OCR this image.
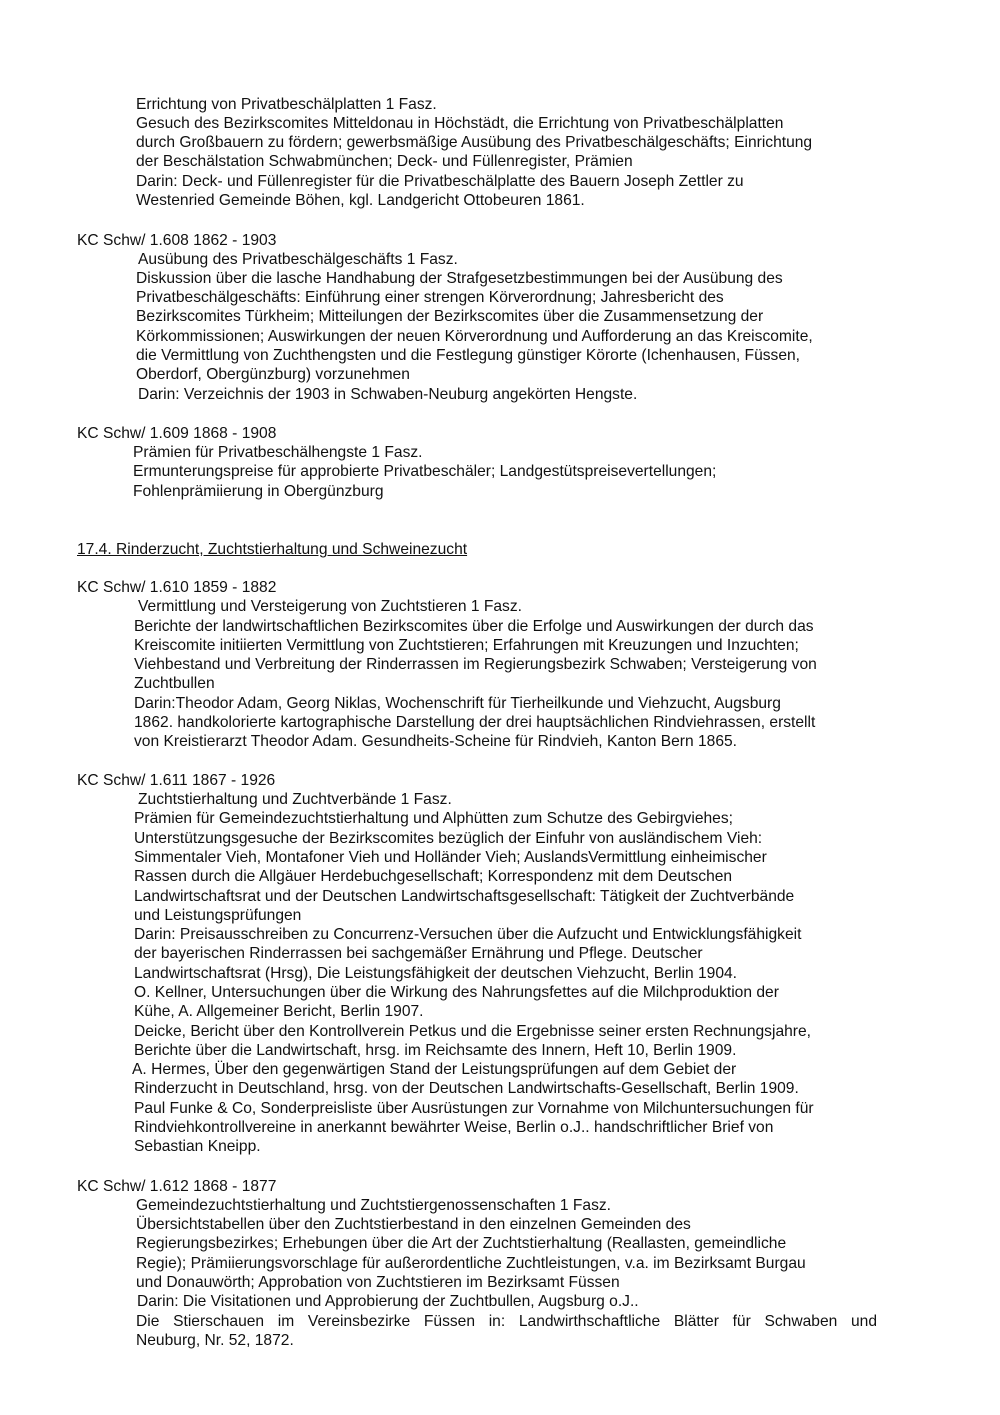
Errichtung von Privatbeschälplatten 1 Fasz.
Gesuch des Bezirkscomites Mitteldonau in Höchstädt, die Errichtung von Privatbeschälplatten
durch Großbauern zu fördern; gewerbsmäßige Ausübung des Privatbeschälgeschäfts; Einrichtung
der Beschälstation Schwabmünchen; Deck- und Füllenregister, Prämien
Darin: Deck- und Füllenregister für die Privatbeschälplatte des Bauern Joseph Zettler zu
Westenried Gemeinde Böhen, kgl. Landgericht Ottobeuren 1861.
KC Schw/ 1.608 1862 - 1903
Ausübung des Privatbeschälgeschäfts 1 Fasz.
Diskussion über die lasche Handhabung der Strafgesetzbestimmungen bei der Ausübung des
Privatbeschälgeschäfts: Einführung einer strengen Körverordnung; Jahresbericht des
Bezirkscomites Türkheim; Mitteilungen der Bezirkscomites über die Zusammensetzung der
Körkommissionen; Auswirkungen der neuen Körverordnung und Aufforderung an das Kreiscomite,
die Vermittlung von Zuchthengsten und die Festlegung günstiger Körorte (Ichenhausen, Füssen,
Oberdorf, Obergünzburg) vorzunehmen
Darin: Verzeichnis der 1903 in Schwaben-Neuburg angekörten Hengste.
KC Schw/ 1.609 1868 - 1908
Prämien für Privatbeschälhengste 1 Fasz.
Ermunterungspreise für approbierte Privatbeschäler; Landgestütspreisevertellungen;
Fohlenprämiierung in Obergünzburg
17.4. Rinderzucht, Zuchtstierhaltung und Schweinezucht
KC Schw/ 1.610 1859 - 1882
Vermittlung und Versteigerung von Zuchtstieren 1 Fasz.
Berichte der landwirtschaftlichen Bezirkscomites über die Erfolge und Auswirkungen der durch das
Kreiscomite initiierten Vermittlung von Zuchtstieren; Erfahrungen mit Kreuzungen und Inzuchten;
Viehbestand und Verbreitung der Rinderrassen im Regierungsbezirk Schwaben; Versteigerung von
Zuchtbullen
Darin:Theodor Adam, Georg Niklas, Wochenschrift für Tierheilkunde und Viehzucht, Augsburg
1862. handkolorierte kartographische Darstellung der drei hauptsächlichen Rindviehrassen, erstellt
von Kreistierarzt Theodor Adam. Gesundheits-Scheine für Rindvieh, Kanton Bern 1865.
KC Schw/ 1.611 1867 - 1926
Zuchtstierhaltung und Zuchtverbände 1 Fasz.
Prämien für Gemeindezuchtstierhaltung und Alphütten zum Schutze des Gebirgviehes;
Unterstützungsgesuche der Bezirkscomites bezüglich der Einfuhr von ausländischem Vieh:
Simmentaler Vieh, Montafoner Vieh und Holländer Vieh; AuslandsVermittlung einheimischer
Rassen durch die Allgäuer Herdebuchgesellschaft; Korrespondenz mit dem Deutschen
Landwirtschaftsrat und der Deutschen Landwirtschaftsgesellschaft: Tätigkeit der Zuchtverbände
und Leistungsprüfungen
Darin: Preisausschreiben zu Concurrenz-Versuchen über die Aufzucht und Entwicklungsfähigkeit
der bayerischen Rinderrassen bei sachgemäßer Ernährung und Pflege. Deutscher
Landwirtschaftsrat (Hrsg), Die Leistungsfähigkeit der deutschen Viehzucht, Berlin 1904.
O. Kellner, Untersuchungen über die Wirkung des Nahrungsfettes auf die Milchproduktion der
Kühe, A. Allgemeiner Bericht, Berlin 1907.
Deicke, Bericht über den Kontrollverein Petkus und die Ergebnisse seiner ersten Rechnungsjahre,
Berichte über die Landwirtschaft, hrsg. im Reichsamte des Innern, Heft 10, Berlin 1909.
A. Hermes, Über den gegenwärtigen Stand der Leistungsprüfungen auf dem Gebiet der
Rinderzucht in Deutschland, hrsg. von der Deutschen Landwirtschafts-Gesellschaft, Berlin 1909.
Paul Funke & Co, Sonderpreisliste über Ausrüstungen zur Vornahme von Milchuntersuchungen für
Rindviehkontrollvereine in anerkannt bewährter Weise, Berlin o.J.. handschriftlicher Brief von
Sebastian Kneipp.
KC Schw/ 1.612 1868 - 1877
Gemeindezuchtstierhaltung und Zuchtstiergenossenschaften 1 Fasz.
Übersichtstabellen über den Zuchtstierbestand in den einzelnen Gemeinden des
Regierungsbezirkes; Erhebungen über die Art der Zuchtstierhaltung (Reallasten, gemeindliche
Regie); Prämiierungsvorschlage für außerordentliche Zuchtleistungen, v.a. im Bezirksamt Burgau
und Donauwörth; Approbation von Zuchtstieren im Bezirksamt Füssen
Darin: Die Visitationen und Approbierung der Zuchtbullen, Augsburg o.J..
Die Stierschauen im Vereinsbezirke Füssen in: Landwirthschaftliche Blätter für Schwaben und
Neuburg, Nr. 52, 1872.
